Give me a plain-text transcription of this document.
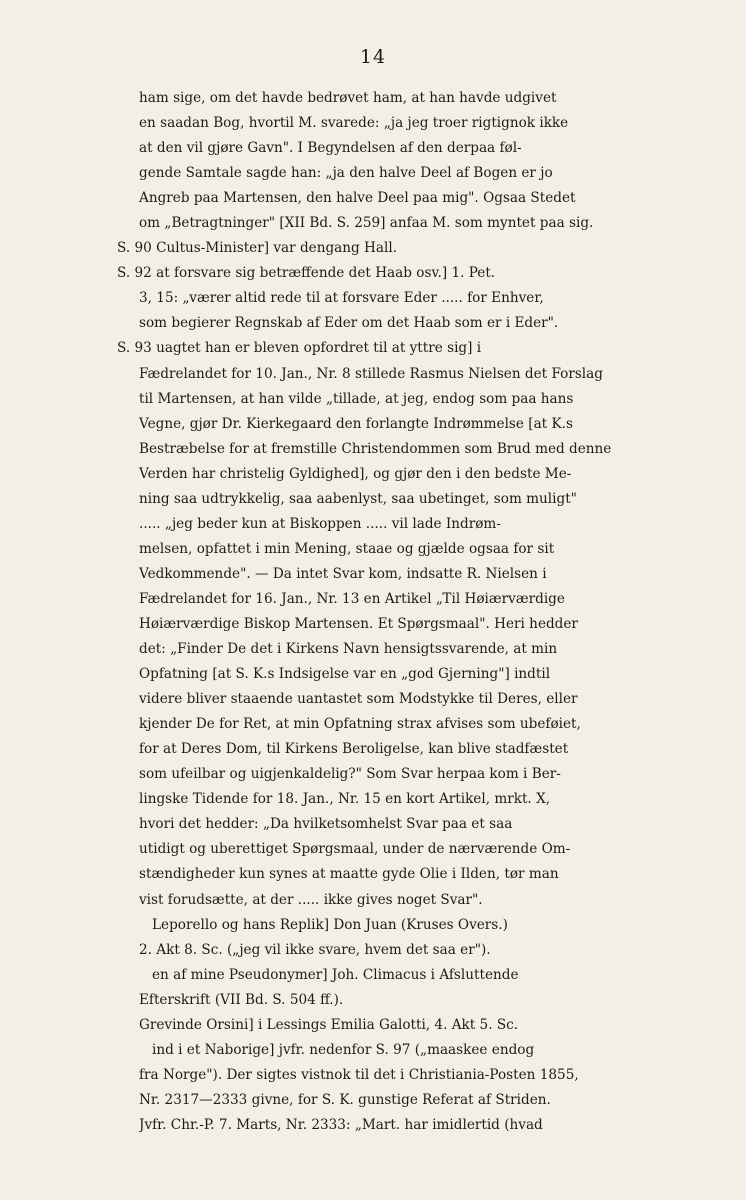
14
ham sige, om det havde bedrøvet ham, at han havde udgivet
en saadan Bog, hvortil M. svarede: „ja jeg troer rigtignok ikke
at den vil gjøre Gavn". I Begyndelsen af den derpaa føl-
gende Samtale sagde han: „ja den halve Deel af Bogen er jo
Angreb paa Martensen, den halve Deel paa mig". Ogsaa Stedet
om „Betragtninger" [XII Bd. S. 259] anfaa M. som myntet paa sig.
S. 90 Cultus-Minister] var dengang Hall.
S. 92 at forsvare sig betræffende det Haab osv.] 1. Pet.
3, 15: „værer altid rede til at forsvare Eder ..... for Enhver,
som begierer Regnskab af Eder om det Haab som er i Eder".
S. 93 uagtet han er bleven opfordret til at yttre sig] i
Fædrelandet for 10. Jan., Nr. 8 stillede Rasmus Nielsen det Forslag
til Martensen, at han vilde „tillade, at jeg, endog som paa hans
Vegne, gjør Dr. Kierkegaard den forlangte Indrømmelse [at K.s
Bestræbelse for at fremstille Christendommen som Brud med denne
Verden har christelig Gyldighed], og gjør den i den bedste Me-
ning saa udtrykkelig, saa aabenlyst, saa ubetinget, som muligt"
..... „jeg beder kun at Biskoppen ..... vil lade Indrøm-
melsen, opfattet i min Mening, staae og gjælde ogsaa for sit
Vedkommende". — Da intet Svar kom, indsatte R. Nielsen i
Fædrelandet for 16. Jan., Nr. 13 en Artikel „Til Høiærværdige
Høiærværdige Biskop Martensen. Et Spørgsmaal". Heri hedder
det: „Finder De det i Kirkens Navn hensigtssvarende, at min
Opfatning [at S. K.s Indsigelse var en „god Gjerning"] indtil
videre bliver staaende uantastet som Modstykke til Deres, eller
kjender De for Ret, at min Opfatning strax afvises som ubeføiet,
for at Deres Dom, til Kirkens Beroligelse, kan blive stadfæstet
som ufeilbar og uigjenkaldelig?" Som Svar herpaa kom i Ber-
lingske Tidende for 18. Jan., Nr. 15 en kort Artikel, mrkt. X,
hvori det hedder: „Da hvilketsomhelst Svar paa et saa
utidigt og uberettiget Spørgsmaal, under de nærværende Om-
stændigheder kun synes at maatte gyde Olie i Ilden, tør man
vist forudsætte, at der ..... ikke gives noget Svar".
Leporello og hans Replik] Don Juan (Kruses Overs.)
2. Akt 8. Sc. („jeg vil ikke svare, hvem det saa er").
en af mine Pseudonymer] Joh. Climacus i Afsluttende
Efterskrift (VII Bd. S. 504 ff.).
Grevinde Orsini] i Lessings Emilia Galotti, 4. Akt 5. Sc.
ind i et Naborige] jvfr. nedenfor S. 97 („maaskee endog
fra Norge"). Der sigtes vistnok til det i Christiania-Posten 1855,
Nr. 2317—2333 givne, for S. K. gunstige Referat af Striden.
Jvfr. Chr.-P. 7. Marts, Nr. 2333: „Mart. har imidlertid (hvad
